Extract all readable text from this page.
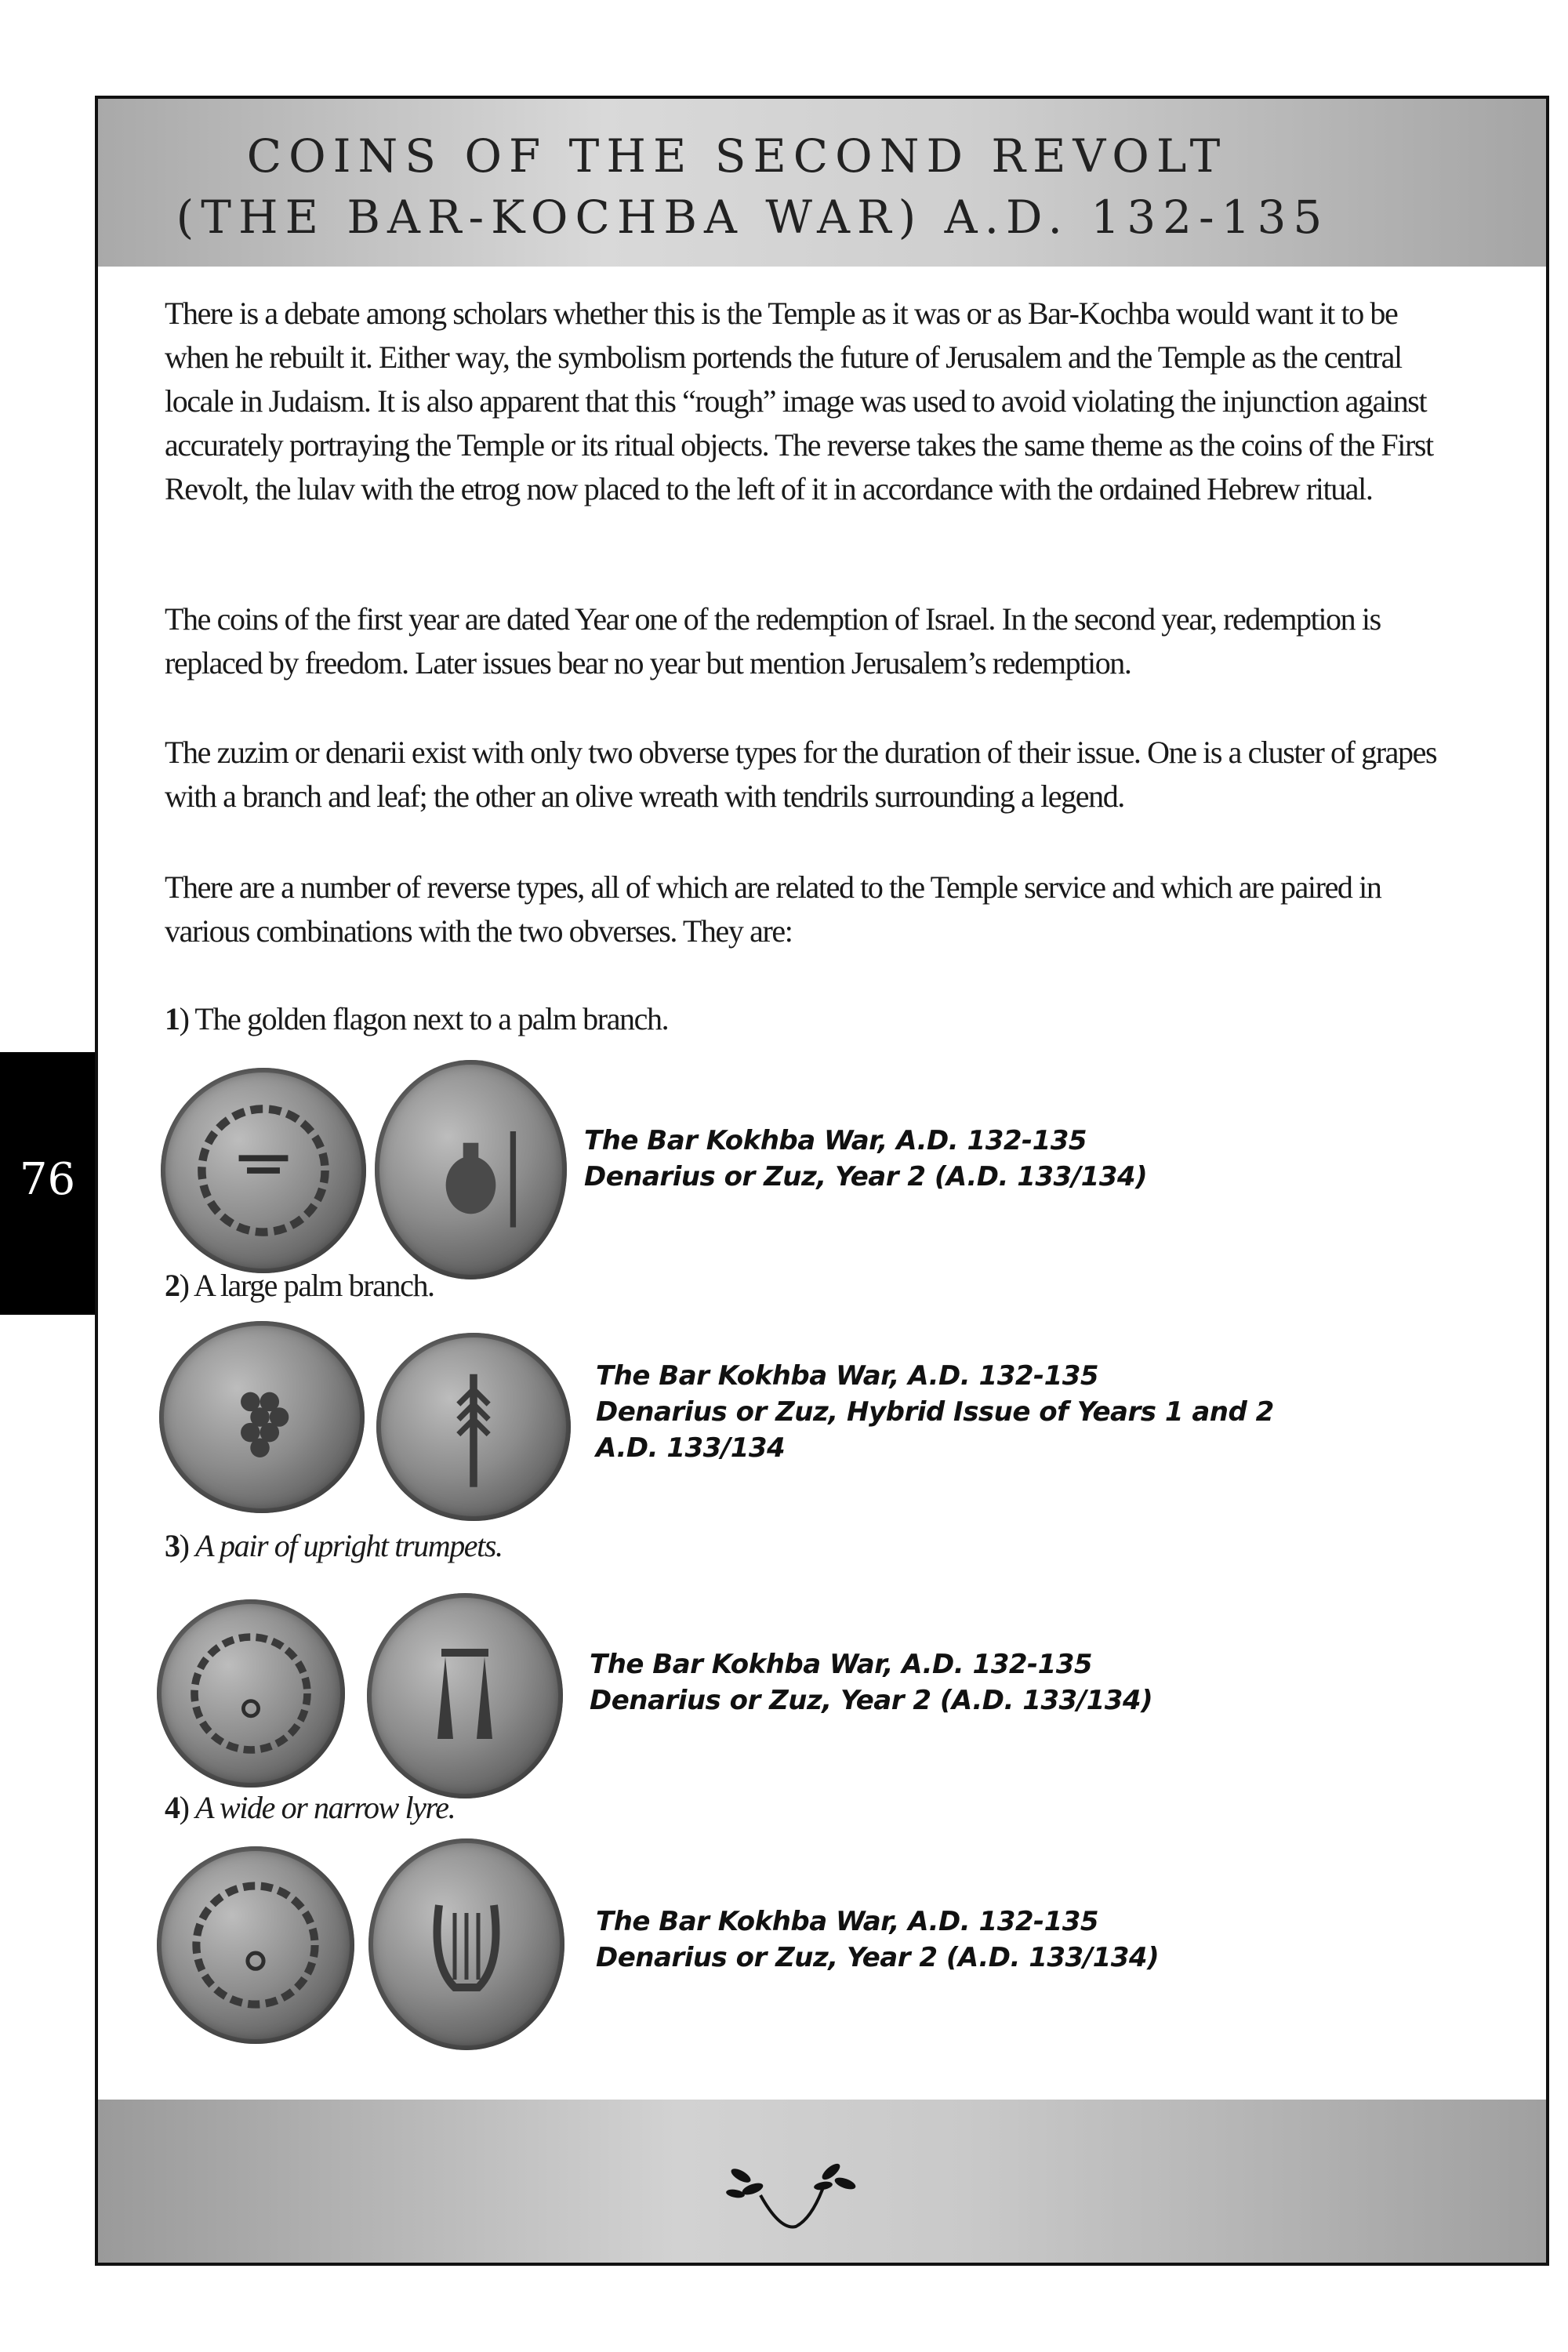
COINS OF THE SECOND REVOLT
(THE BAR-KOCHBA WAR) A.D. 132-135

There is a debate among scholars whether this is the Temple as it was or as Bar-Kochba would want it to be when he rebuilt it. Either way, the symbolism portends the future of Jerusalem and the Temple as the central locale in Judaism. It is also apparent that this “rough” image was used to avoid violating the injunction against accurately portraying the Temple or its ritual objects. The reverse takes the same theme as the coins of the First Revolt, the lulav with the etrog now placed to the left of it in accordance with the ordained Hebrew ritual.

The coins of the first year are dated Year one of the redemption of Israel. In the second year, redemption is replaced by freedom. Later issues bear no year but mention Jerusalem’s redemption.

The zuzim or denarii exist with only two obverse types for the duration of their issue. One is a cluster of grapes with a branch and leaf; the other an olive wreath with tendrils surrounding a legend.

There are a number of reverse types, all of which are related to the Temple service and which are paired in various combinations with the two obverses. They are:

1) The golden flagon next to a palm branch.

The Bar Kokhba War, A.D. 132-135
Denarius or Zuz, Year 2 (A.D. 133/134)

2) A large palm branch.

The Bar Kokhba War, A.D. 132-135
Denarius or Zuz, Hybrid Issue of Years 1 and 2
A.D. 133/134

3) A pair of upright trumpets.

The Bar Kokhba War, A.D. 132-135
Denarius or Zuz, Year 2 (A.D. 133/134)

4) A wide or narrow lyre.

The Bar Kokhba War, A.D. 132-135
Denarius or Zuz, Year 2 (A.D. 133/134)

76
